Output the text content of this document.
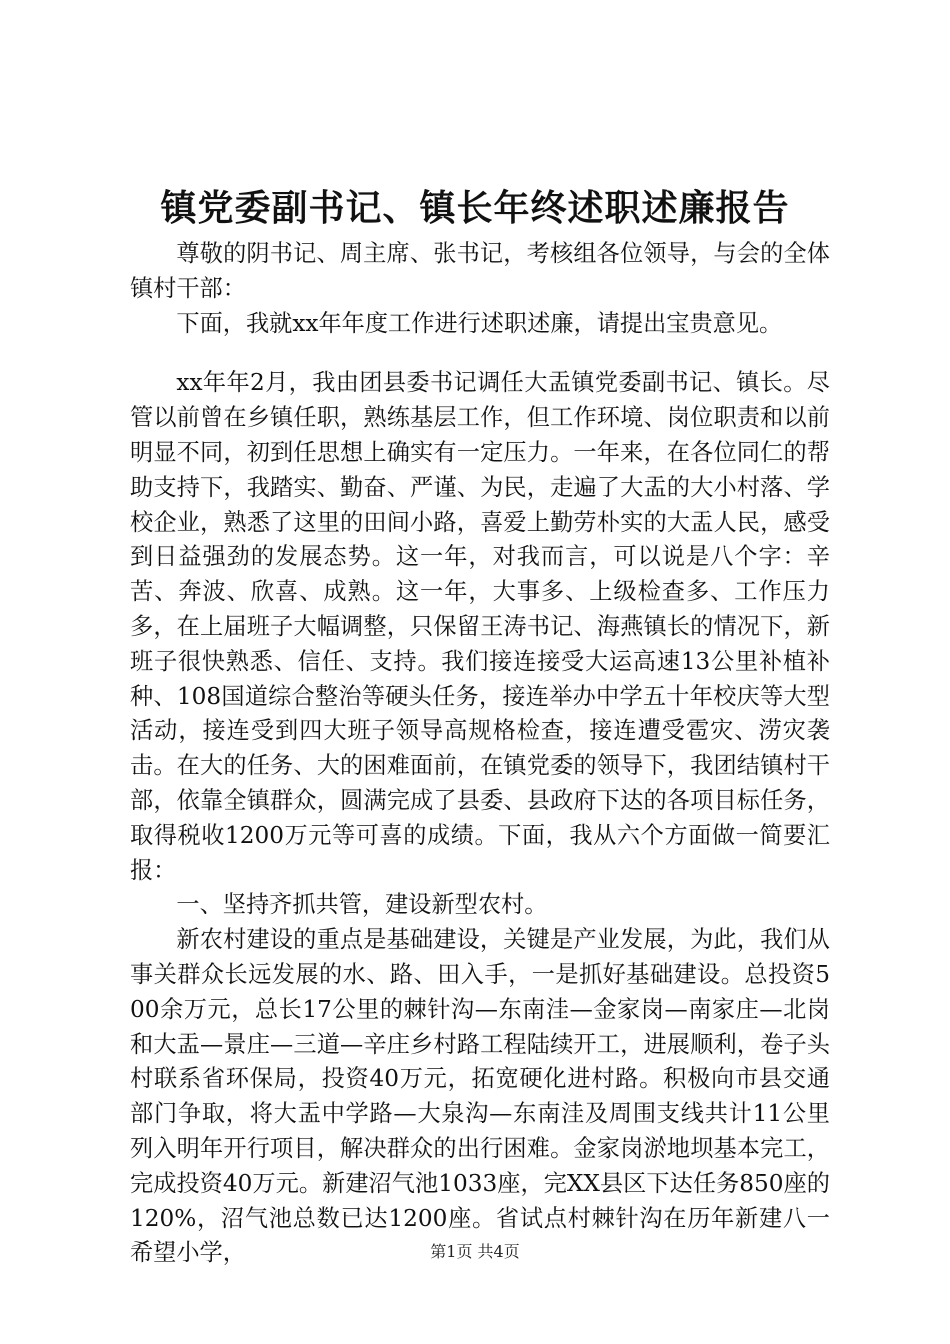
镇党委副书记、镇长年终述职述廉报告

尊敬的阴书记、周主席、张书记，考核组各位领导，与会的全体镇村干部：

下面，我就xx年年度工作进行述职述廉，请提出宝贵意见。

xx年年2月，我由团县委书记调任大盂镇党委副书记、镇长。尽管以前曾在乡镇任职，熟练基层工作，但工作环境、岗位职责和以前明显不同，初到任思想上确实有一定压力。一年来，在各位同仁的帮助支持下，我踏实、勤奋、严谨、为民，走遍了大盂的大小村落、学校企业，熟悉了这里的田间小路，喜爱上勤劳朴实的大盂人民，感受到日益强劲的发展态势。这一年，对我而言，可以说是八个字：辛苦、奔波、欣喜、成熟。这一年，大事多、上级检查多、工作压力多，在上届班子大幅调整，只保留王涛书记、海燕镇长的情况下，新班子很快熟悉、信任、支持。我们接连接受大运高速13公里补植补种、108国道综合整治等硬头任务，接连举办中学五十年校庆等大型活动，接连受到四大班子领导高规格检查，接连遭受雹灾、涝灾袭击。在大的任务、大的困难面前，在镇党委的领导下，我团结镇村干部，依靠全镇群众，圆满完成了县委、县政府下达的各项目标任务，取得税收1200万元等可喜的成绩。下面，我从六个方面做一简要汇报：

一、坚持齐抓共管，建设新型农村。

新农村建设的重点是基础建设，关键是产业发展，为此，我们从事关群众长远发展的水、路、田入手，一是抓好基础建设。总投资500余万元，总长17公里的棘针沟—东南洼—金家岗—南家庄—北岗和大盂—景庄—三道—辛庄乡村路工程陆续开工，进展顺利，卷子头村联系省环保局，投资40万元，拓宽硬化进村路。积极向市县交通部门争取，将大盂中学路—大泉沟—东南洼及周围支线共计11公里列入明年开行项目，解决群众的出行困难。金家岗淤地坝基本完工，完成投资40万元。新建沼气池1033座，完XX县区下达任务850座的120%，沼气池总数已达1200座。省试点村棘针沟在历年新建八一希望小学，	第1页 共4页
